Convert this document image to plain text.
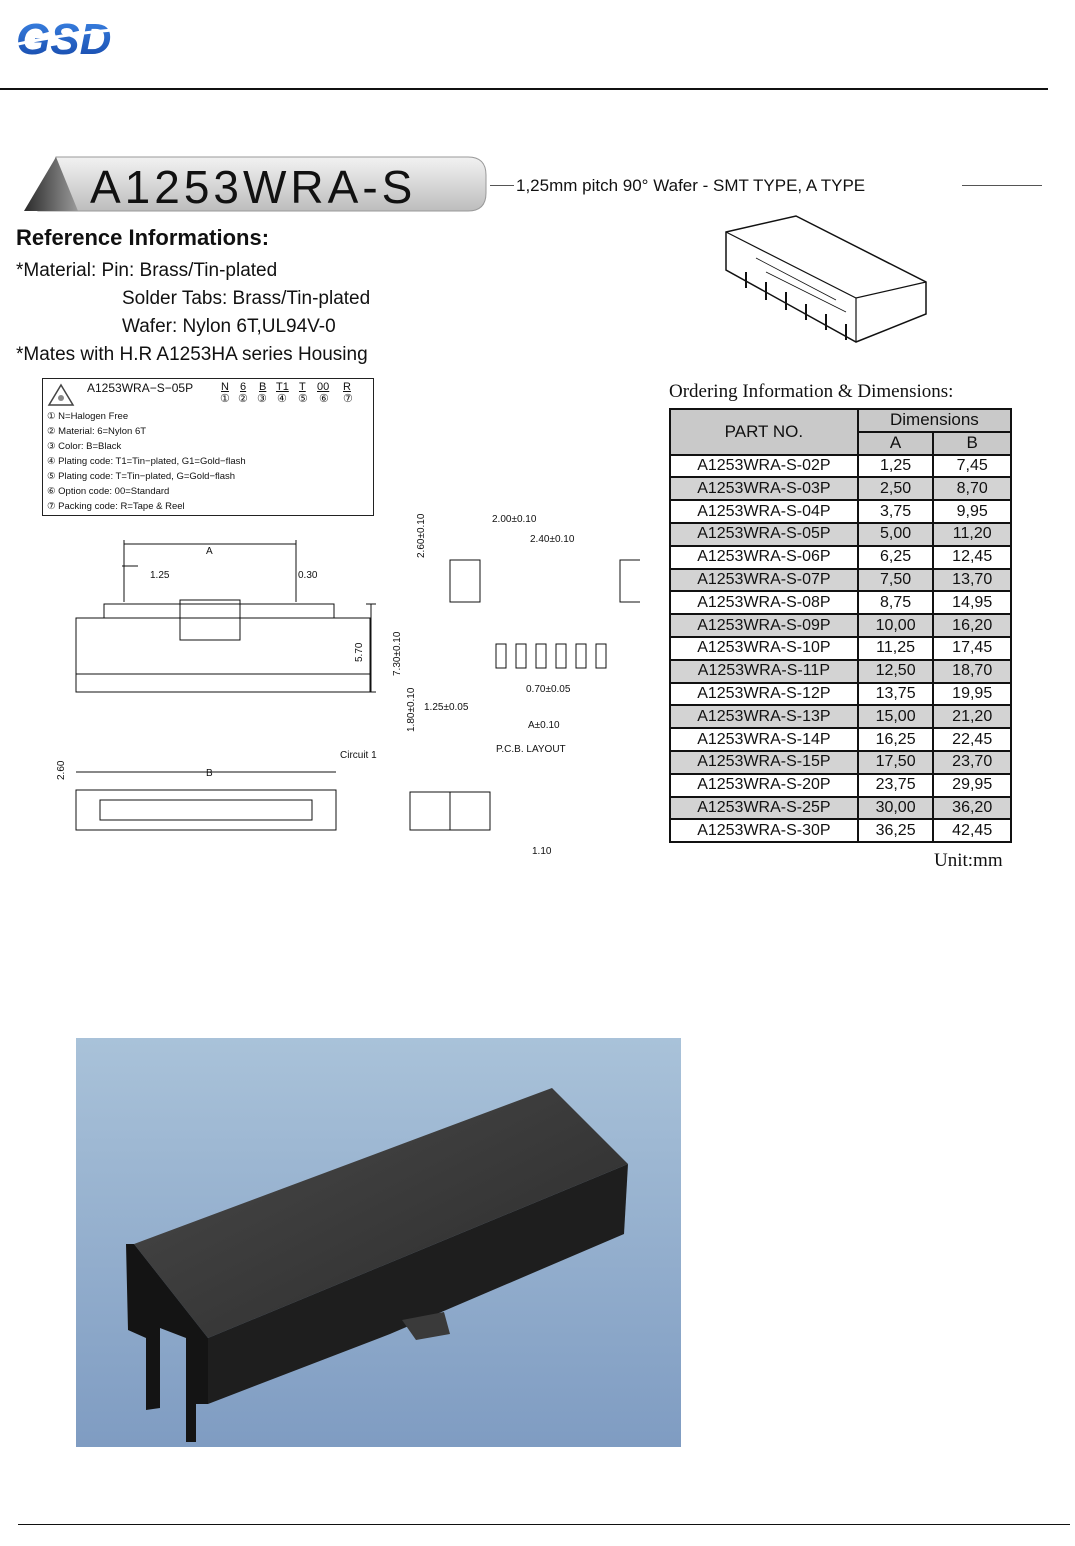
GSD
A1253WRA-S	1,25mm pitch 90° Wafer - SMT TYPE, A TYPE
Reference Informations:
*Material: Pin: Brass/Tin-plated
Solder Tabs: Brass/Tin-plated
Wafer: Nylon 6T,UL94V-0
*Mates with H.R A1253HA series Housing
A1253WRA−S−05P	N 6 B T1 T 00 R
① ② ③ ④ ⑤ ⑥ ⑦
① N=Halogen Free
② Material: 6=Nylon 6T
③ Color: B=Black
④ Plating code: T1=Tin−plated, G1=Gold−flash
⑤ Plating code: T=Tin−plated, G=Gold−flash
⑥ Option code: 00=Standard
⑦ Packing code: R=Tape & Reel
A
1.25	0.30
5.70
B
2.60
Circuit 1
2.00±0.10
2.40±0.10
2.60±0.10
7.30±0.10
0.70±0.05
1.25±0.05
A±0.10
1.80±0.10
P.C.B. LAYOUT
1.10
Ordering Information & Dimensions:
PART NO.	Dimensions	
	A	B
A1253WRA-S-02P	1,25	7,45
A1253WRA-S-03P	2,50	8,70
A1253WRA-S-04P	3,75	9,95
A1253WRA-S-05P	5,00	11,20
A1253WRA-S-06P	6,25	12,45
A1253WRA-S-07P	7,50	13,70
A1253WRA-S-08P	8,75	14,95
A1253WRA-S-09P	10,00	16,20
A1253WRA-S-10P	11,25	17,45
A1253WRA-S-11P	12,50	18,70
A1253WRA-S-12P	13,75	19,95
A1253WRA-S-13P	15,00	21,20
A1253WRA-S-14P	16,25	22,45
A1253WRA-S-15P	17,50	23,70
A1253WRA-S-20P	23,75	29,95
A1253WRA-S-25P	30,00	36,20
A1253WRA-S-30P	36,25	42,45
Unit:mm
